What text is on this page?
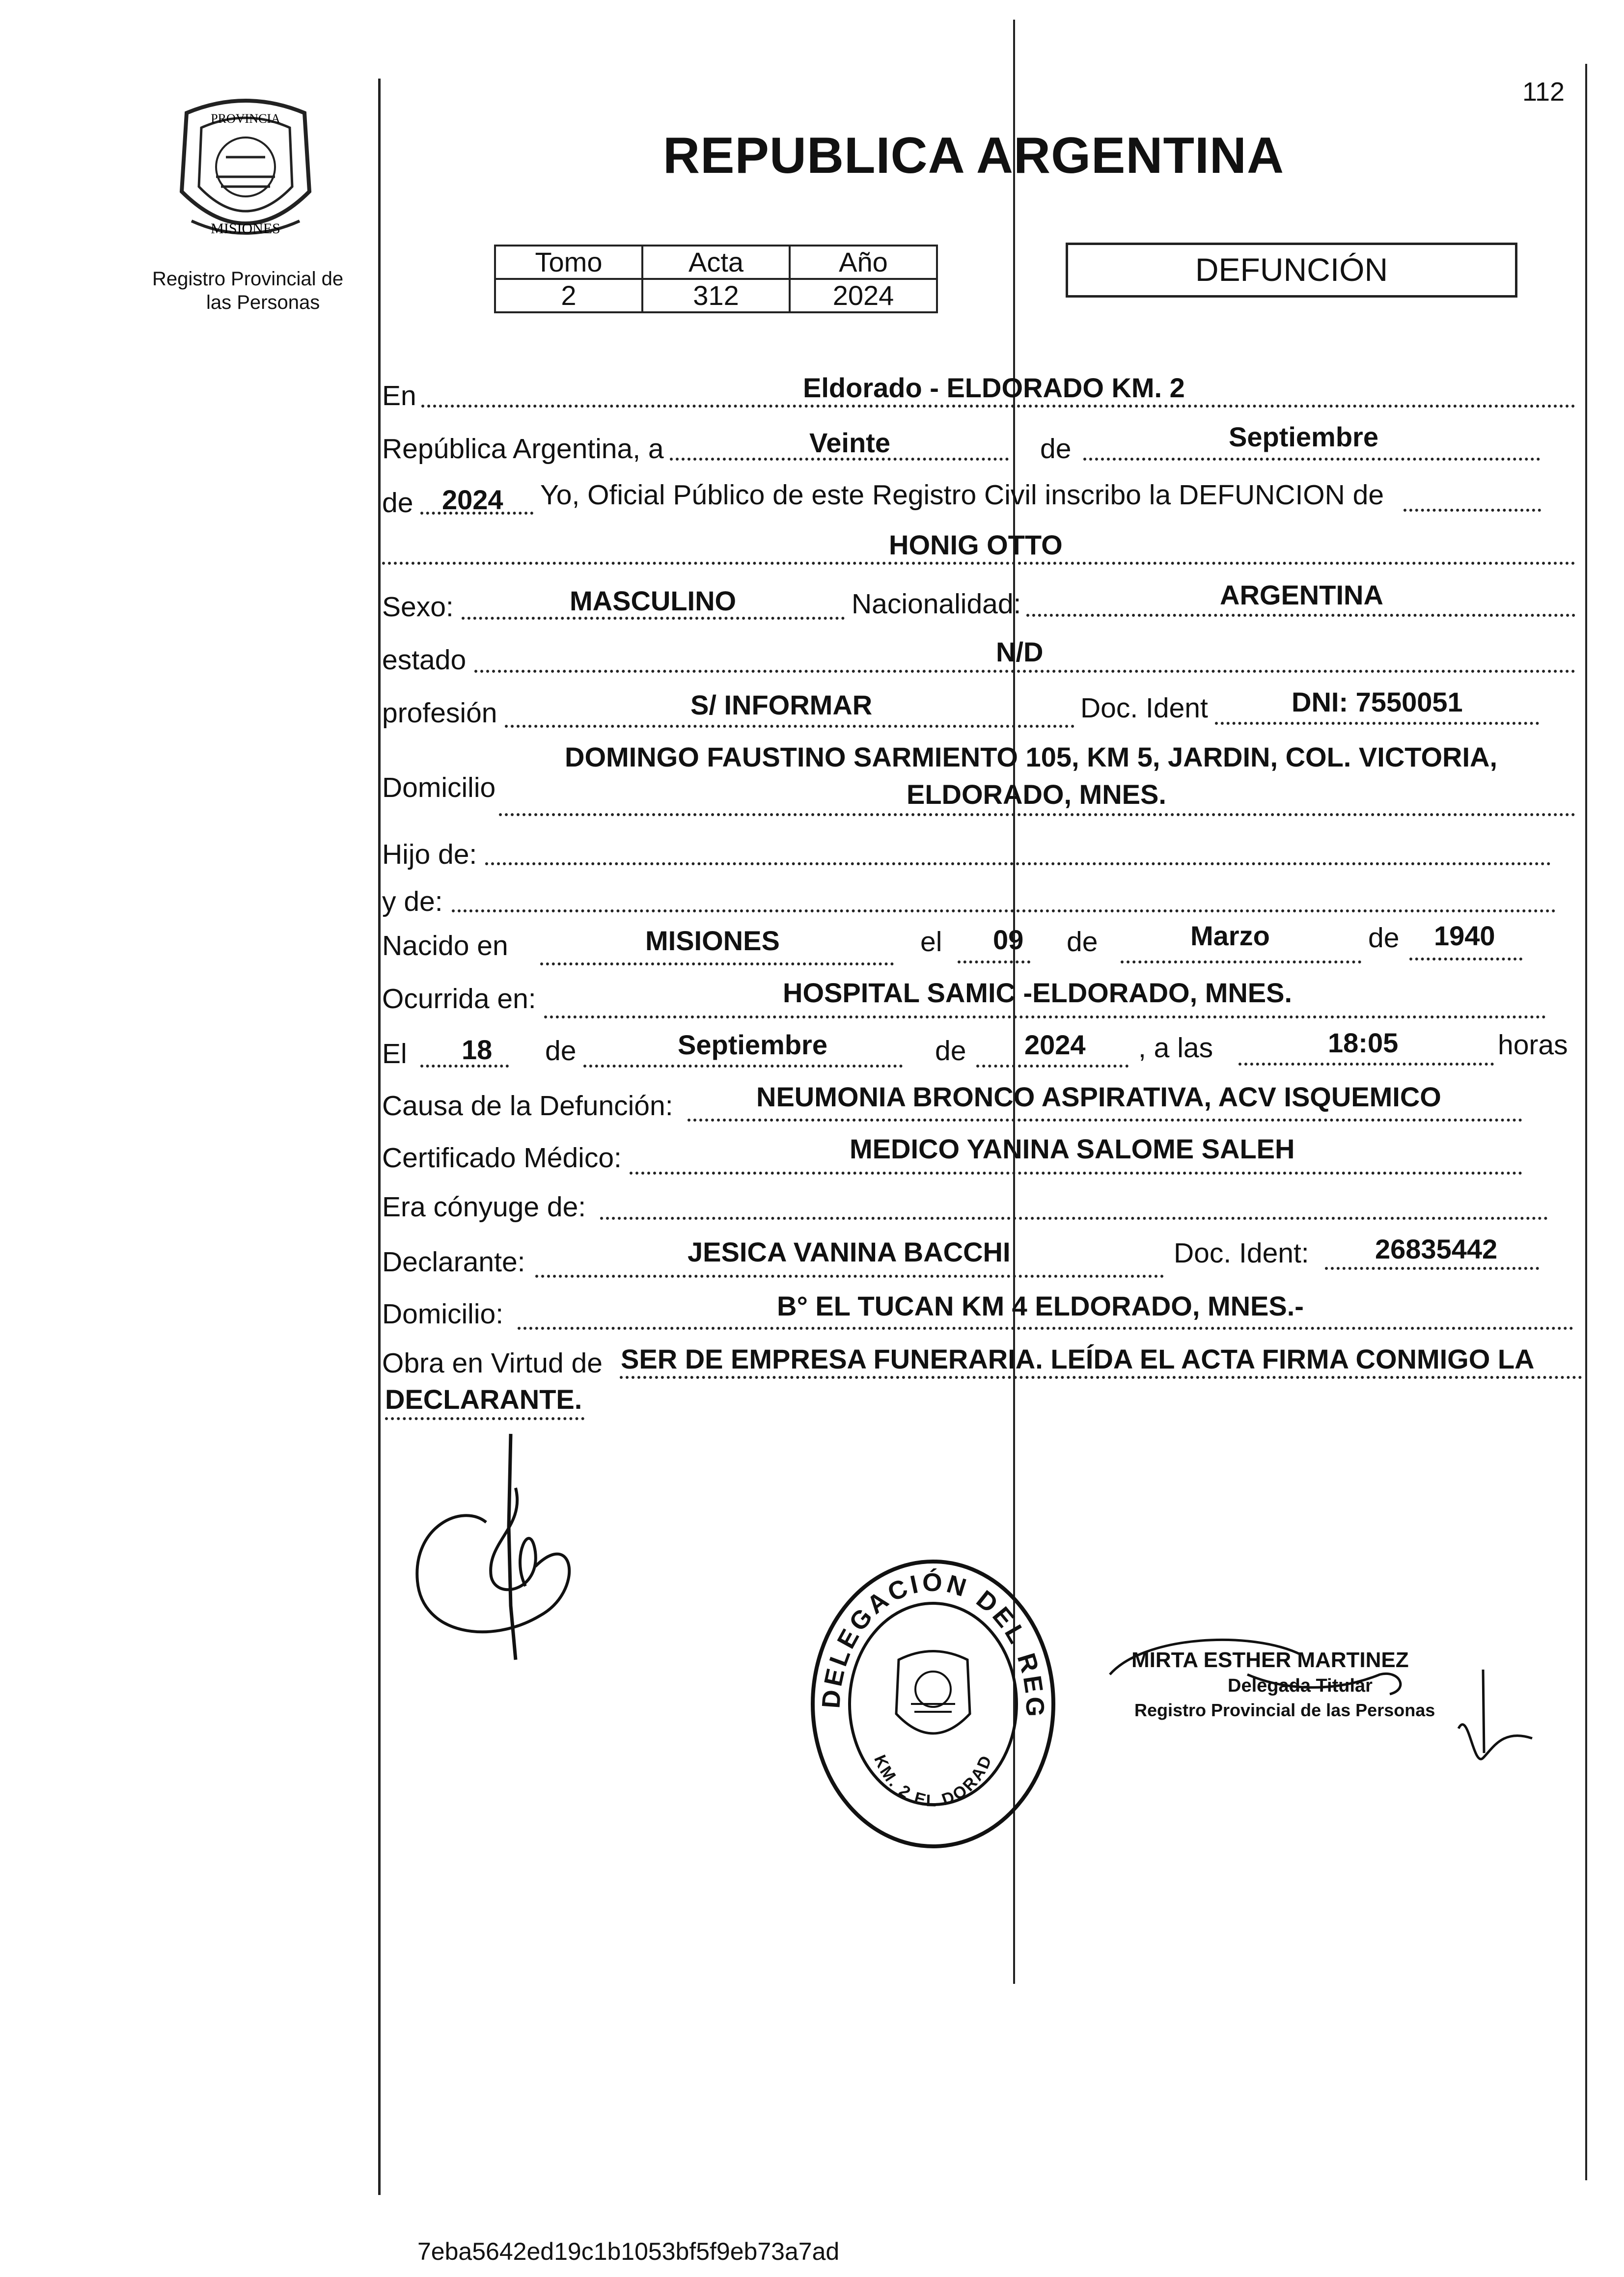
112
PROVINCIA
MISIONES
Registro Provincial de
las Personas
REPUBLICA ARGENTINA
Tomo	Acta	Año
2	312	2024
DEFUNCIÓN
En	Eldorado - ELDORADO KM. 2
República Argentina, a	Veinte	de	Septiembre
de 2024 Yo, Oficial Público de este Registro Civil inscribo la DEFUNCION de
HONIG OTTO
Sexo:	MASCULINO	Nacionalidad:	ARGENTINA
estado	N/D
profesión	S/ INFORMAR	Doc. Ident	DNI: 7550051
DOMINGO FAUSTINO SARMIENTO 105, KM 5, JARDIN, COL. VICTORIA,
Domicilio	ELDORADO, MNES.
Hijo de:
y de:
Nacido en	MISIONES	el 09 de	Marzo	de 1940
Ocurrida en:	HOSPITAL SAMIC -ELDORADO, MNES.
El 18 de	Septiembre	de 2024 , a las	18:05	horas
Causa de la Defunción:	NEUMONIA BRONCO ASPIRATIVA, ACV ISQUEMICO
Certificado Médico:	MEDICO YANINA SALOME SALEH
Era cónyuge de:
Declarante:	JESICA VANINA BACCHI	Doc. Ident: 26835442
Domicilio:	B° EL TUCAN KM 4 ELDORADO, MNES.-
Obra en Virtud de SER DE EMPRESA FUNERARIA. LEÍDA EL ACTA FIRMA CONMIGO LA
DECLARANTE.
DELEGACIÓN DEL REG
KM. 2 EL DORAD
MIRTA ESTHER MARTINEZ
Delegada Titular
Registro Provincial de las Personas
7eba5642ed19c1b1053bf5f9eb73a7ad
